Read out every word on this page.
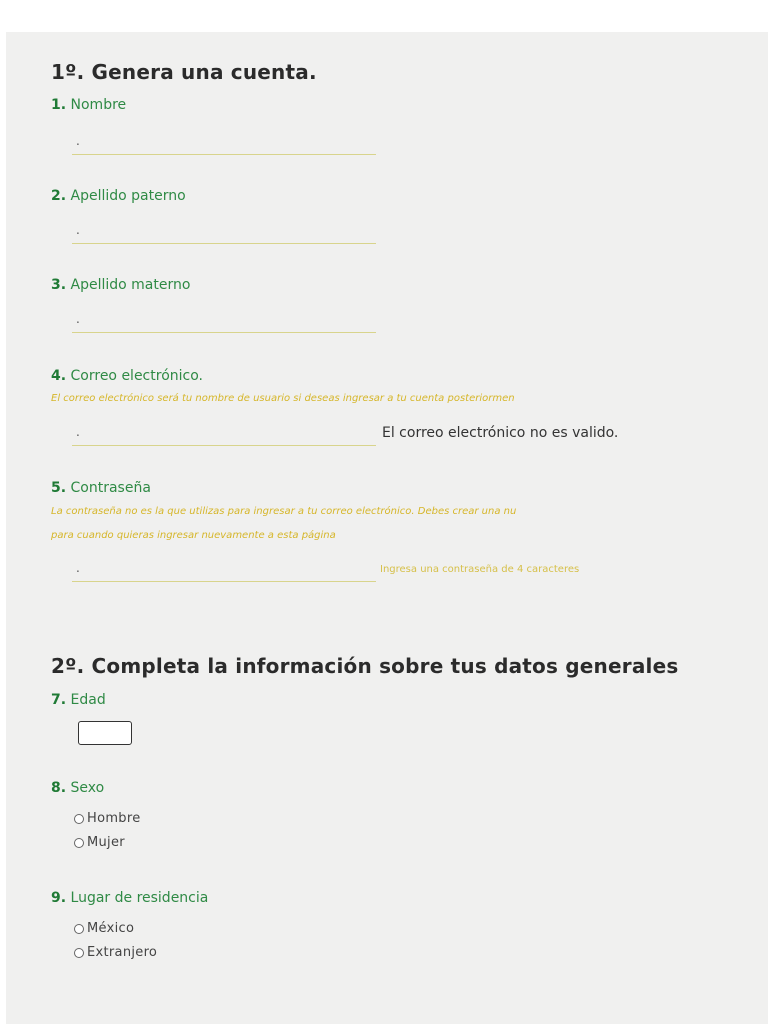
1º. Genera una cuenta.
1. Nombre
.
2. Apellido paterno
.
3. Apellido materno
.
4. Correo electrónico.
El correo electrónico será tu nombre de usuario si deseas ingresar a tu cuenta posteriormen
.	El correo electrónico no es valido.
5. Contraseña
La contraseña no es la que utilizas para ingresar a tu correo electrónico. Debes crear una nu
para cuando quieras ingresar nuevamente a esta página
.	Ingresa una contraseña de 4 caracteres
2º. Completa la información sobre tus datos generales
7. Edad
8. Sexo
Hombre
Mujer
9. Lugar de residencia
México
Extranjero
